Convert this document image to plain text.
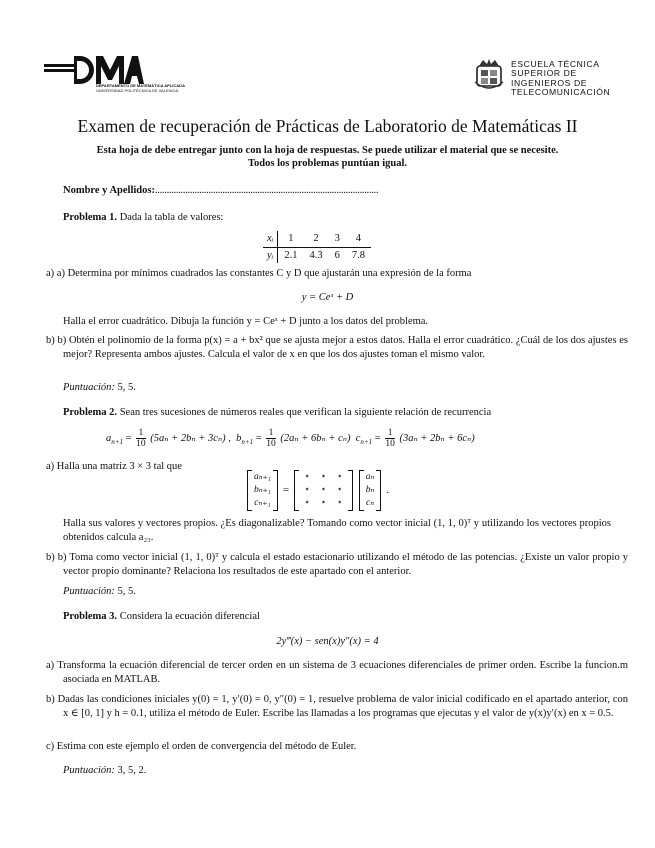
DEPARTAMENTO DE MATEMÁTICA APLICADA
UNIVERSIDAD POLITÉCNICA DE VALENCIA
ESCUELA TÉCNICA
SUPERIOR DE
INGENIEROS DE
TELECOMUNICACIÓN
Examen de recuperación de Prácticas de Laboratorio de Matemáticas II
Esta hoja de debe entregar junto con la hoja de respuestas. Se puede utilizar el material que se necesite.
Todos los problemas puntúan igual.
Nombre y Apellidos:................................................................................................
Problema 1. Dada la tabla de valores:
xᵢ	1	2	3	4
yᵢ	2.1	4.3	6	7.8
a) a) Determina por mínimos cuadrados las constantes C y D que ajustarán una expresión de la forma
y = Ceˣ + D
Halla el error cuadrático. Dibuja la función y = Ceˣ + D junto a los datos del problema.
b) b) Obtén el polinomio de la forma p(x) = a + bx² que se ajusta mejor a estos datos. Halla el error cuadrático. ¿Cuál de los dos ajustes es mejor? Representa ambos ajustes. Calcula el valor de x en que los dos ajustes toman el mismo valor.
Puntuación: 5, 5.
Problema 2. Sean tres sucesiones de números reales que verifican la siguiente relación de recurrencia
$a_{n+1} = \frac{1}{10} (5a_n + 2b_n + 3c_n)$ , $b_{n+1} = \frac{1}{10} (2a_n + 6b_n + c_n) c_{n+1} = \frac{1}{10} (3a_n + 2b_n + 6c_n)$
a) Halla una matriz 3 × 3 tal que
aₙ₊₁
bₙ₊₁
cₙ₊₁
=
⋆ ⋆ ⋆
⋆ ⋆ ⋆
⋆ ⋆ ⋆
aₙ
bₙ
cₙ
.
Halla sus valores y vectores propios. ¿Es diagonalizable? Tomando como vector inicial (1, 1, 0)ᵀ y utilizando los vectores propios obtenidos calcula a₂₃.
b) b) Toma como vector inicial (1, 1, 0)ᵀ y calcula el estado estacionario utilizando el método de las potencias. ¿Existe un valor propio y vector propio dominante? Relaciona los resultados de este apartado con el anterior.
Puntuación: 5, 5.
Problema 3. Considera la ecuación diferencial
2y‴(x) − sen(x)y″(x) = 4
a) Transforma la ecuación diferencial de tercer orden en un sistema de 3 ecuaciones diferenciales de primer orden. Escribe la funcion.m asociada en MATLAB.
b) Dadas las condiciones iniciales y(0) = 1, y′(0) = 0, y″(0) = 1, resuelve problema de valor inicial codificado en el apartado anterior, con x ∈ [0, 1] y h = 0.1, utiliza el método de Euler. Escribe las llamadas a los programas que ejecutas y el valor de y(x)y′(x) en x = 0.5.
c) Estima con este ejemplo el orden de convergencia del método de Euler.
Puntuación: 3, 5, 2.
